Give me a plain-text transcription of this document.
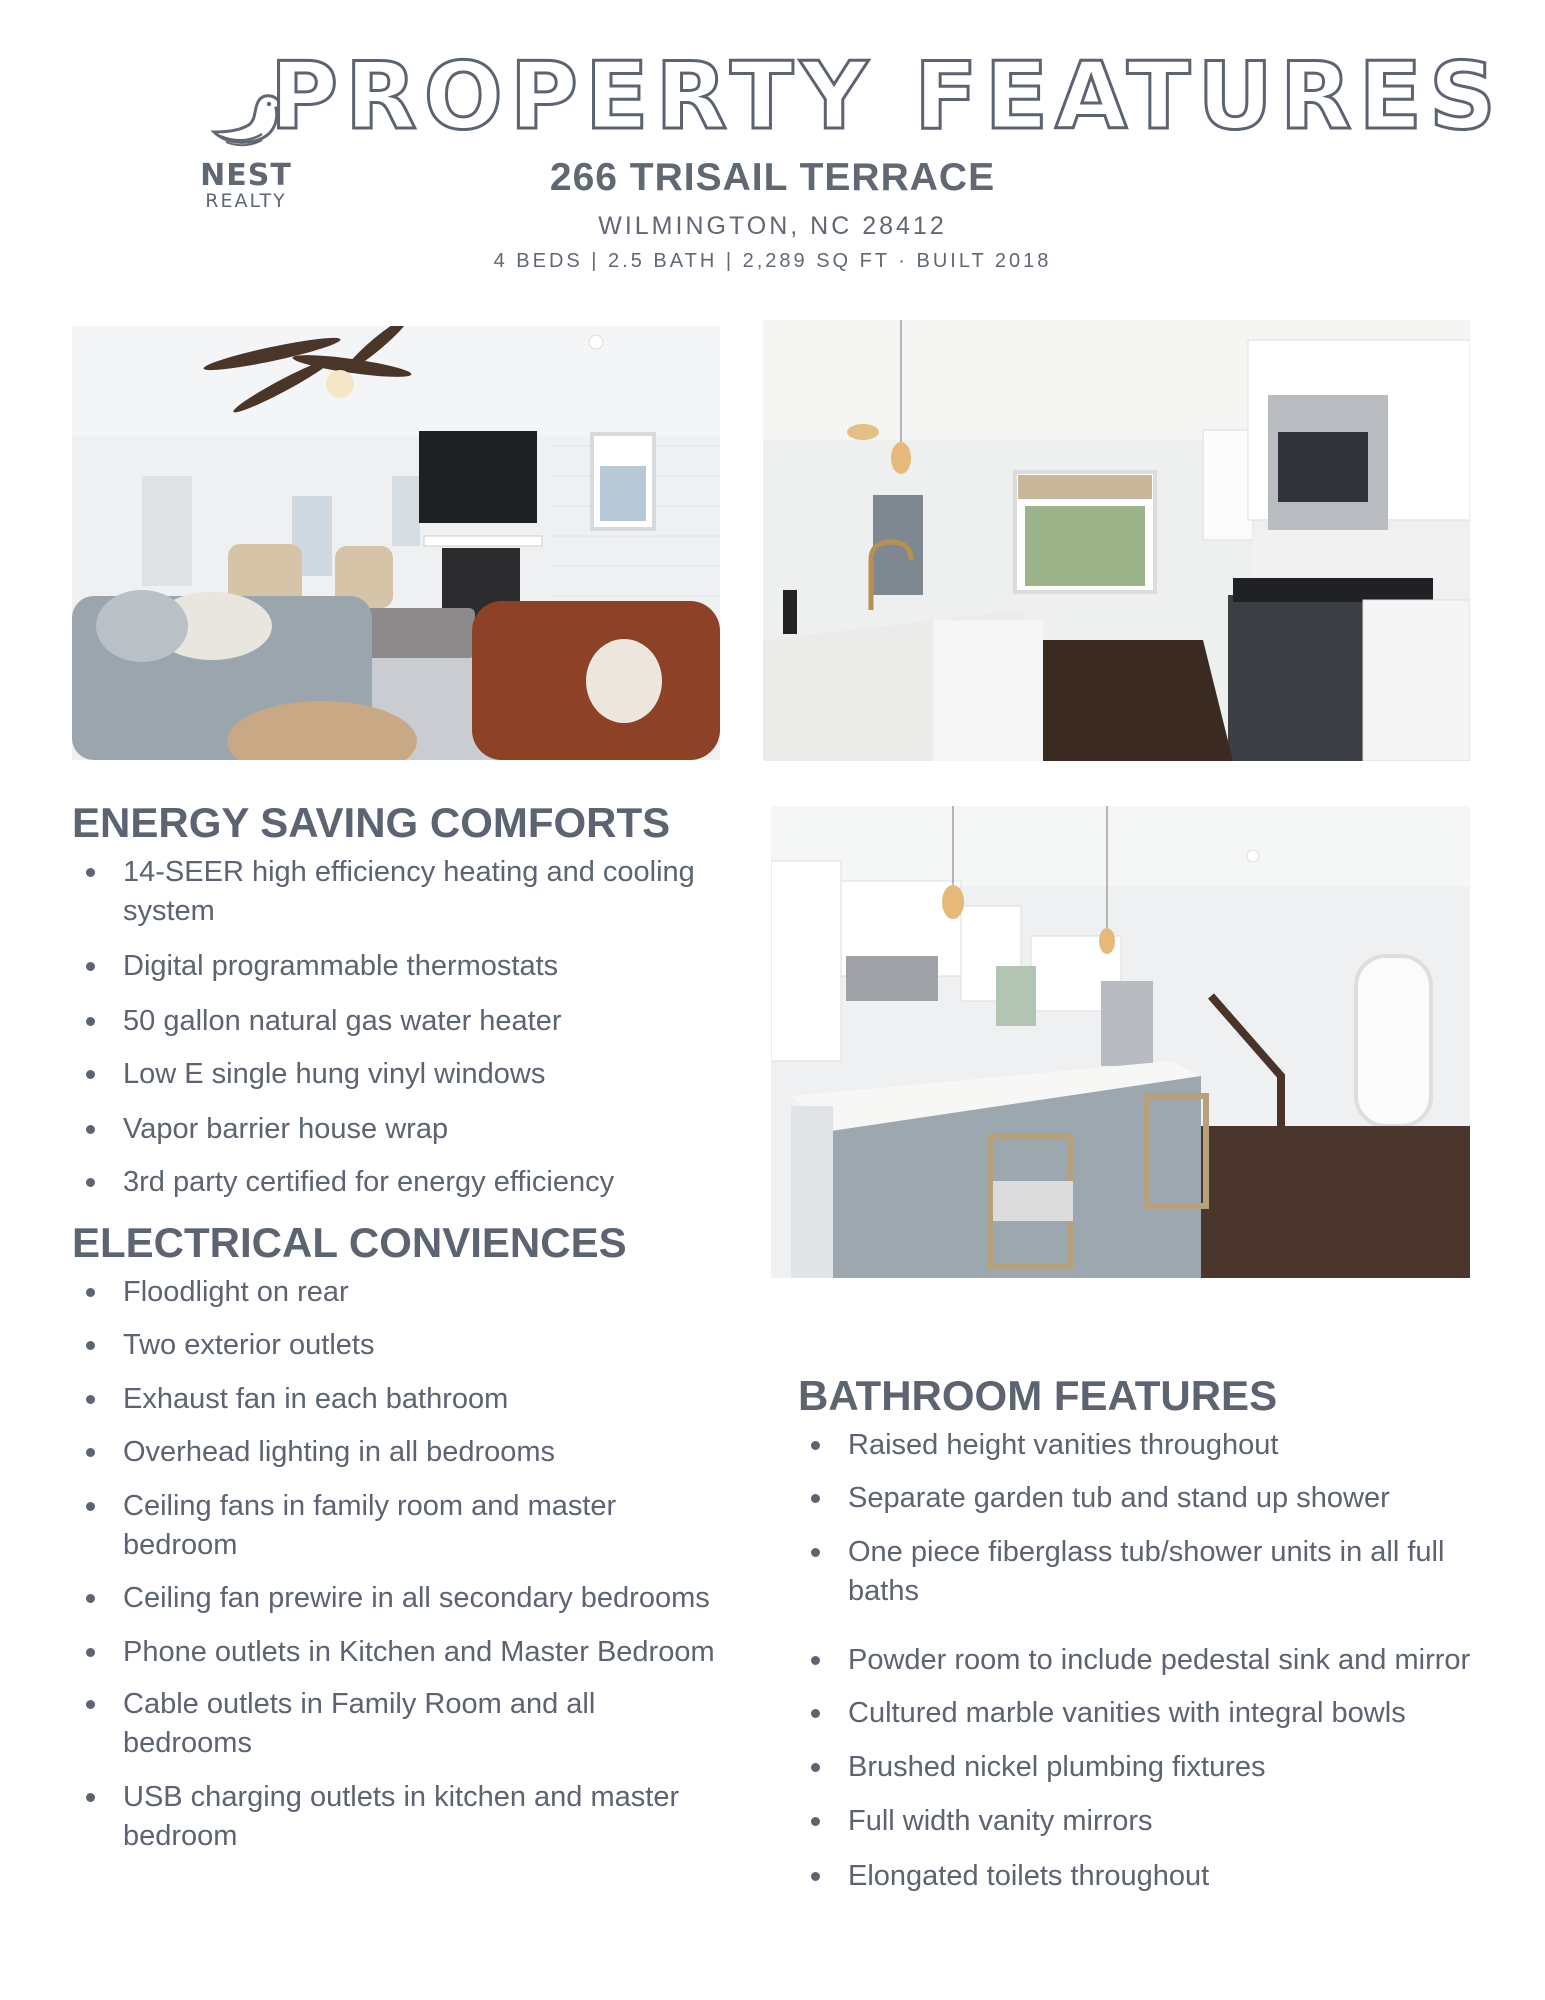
NEST
REALTY
PROPERTY FEATURES
266 TRISAIL TERRACE
WILMINGTON, NC 28412
4 BEDS | 2.5 BATH | 2,289 SQ FT · BUILT 2018
ENERGY SAVING COMFORTS
14-SEER high efficiency heating and cooling system
Digital programmable thermostats
50 gallon natural gas water heater
Low E single hung vinyl windows
Vapor barrier house wrap
3rd party certified for energy efficiency
ELECTRICAL CONVIENCES
Floodlight on rear
Two exterior outlets
Exhaust fan in each bathroom
Overhead lighting in all bedrooms
Ceiling fans in family room and master bedroom
Ceiling fan prewire in all secondary bedrooms
Phone outlets in Kitchen and Master Bedroom
Cable outlets in Family Room and all bedrooms
USB charging outlets in kitchen and master bedroom
BATHROOM FEATURES
Raised height vanities throughout
Separate garden tub and stand up shower
One piece fiberglass tub/shower units in all full baths
Powder room to include pedestal sink and mirror
Cultured marble vanities with integral bowls
Brushed nickel plumbing fixtures
Full width vanity mirrors
Elongated toilets throughout
